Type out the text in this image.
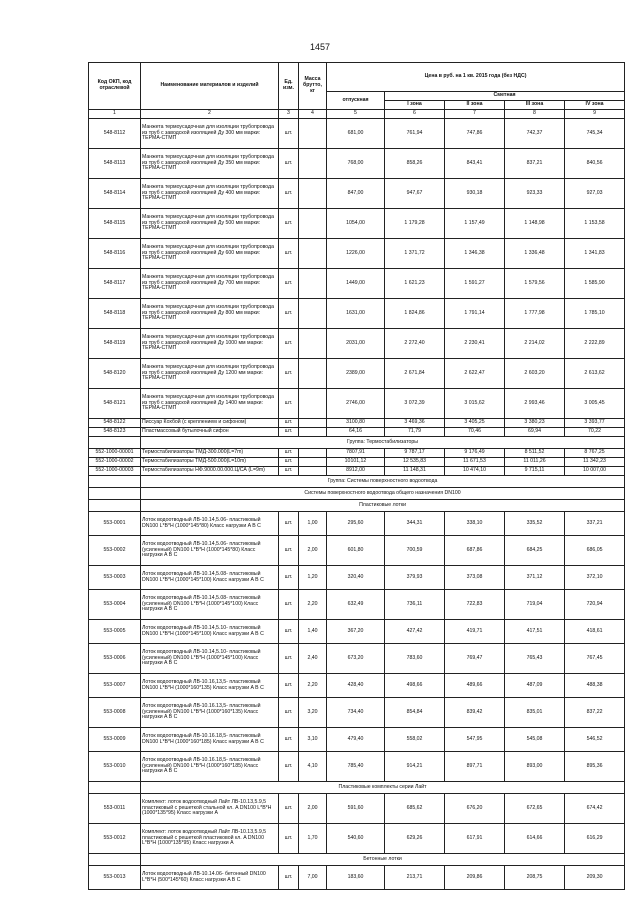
1457
Код ОКП, код отраслевой	Наименование материалов и изделий	Ед. изм.	Масса брутто, кг	Цена в руб. на 1 кв. 2015 года (без НДС)				
				отпускная	Сметная			
					I зона	II зона	III зона	IV зона
1	2	3	4	5	6	7	8	9
548-8112	Манжета термоусадочная для изоляции трубопровода из труб с заводской изоляцией Ду 300 мм марки: ТЕРМА-СТМП	шт.		681,00	761,94	747,86	742,37	745,34
548-8113	Манжета термоусадочная для изоляции трубопровода из труб с заводской изоляцией Ду 350 мм марки: ТЕРМА-СТМП	шт.		768,00	858,26	843,41	837,21	840,56
548-8114	Манжета термоусадочная для изоляции трубопровода из труб с заводской изоляцией Ду 400 мм марки: ТЕРМА-СТМП	шт.		847,00	947,67	930,18	923,33	927,03
548-8115	Манжета термоусадочная для изоляции трубопровода из труб с заводской изоляцией Ду 500 мм марки: ТЕРМА-СТМП	шт.		1054,00	1 179,28	1 157,49	1 148,98	1 153,58
548-8116	Манжета термоусадочная для изоляции трубопровода из труб с заводской изоляцией Ду 600 мм марки: ТЕРМА-СТМП	шт.		1226,00	1 371,72	1 346,38	1 336,48	1 341,83
548-8117	Манжета термоусадочная для изоляции трубопровода из труб с заводской изоляцией Ду 700 мм марки: ТЕРМА-СТМП	шт.		1449,00	1 621,23	1 591,27	1 579,56	1 585,90
548-8118	Манжета термоусадочная для изоляции трубопровода из труб с заводской изоляцией Ду 800 мм марки: ТЕРМА-СТМП	шт.		1631,00	1 824,86	1 791,14	1 777,98	1 785,10
548-8119	Манжета термоусадочная для изоляции трубопровода из труб с заводской изоляцией Ду 1000 мм марки: ТЕРМА-СТМП	шт.		2031,00	2 272,40	2 230,41	2 214,02	2 222,89
548-8120	Манжета термоусадочная для изоляции трубопровода из труб с заводской изоляцией Ду 1200 мм марки: ТЕРМА-СТМП	шт.		2389,00	2 671,84	2 622,47	2 603,20	2 613,62
548-8121	Манжета термоусадочная для изоляции трубопровода из труб с заводской изоляцией Ду 1400 мм марки: ТЕРМА-СТМП	шт.		2746,00	3 072,39	3 015,62	2 993,46	3 005,45
548-8122	Писсуар Кохбой (с креплением и сифоном)	шт.		3100,80	3 469,36	3 405,25	3 380,23	3 393,77
548-8123	Пластмассовый бутылочный сифон	шт.		64,16	71,79	70,46	69,94	70,22
	Группа: Термостабилизаторы							
552-1000-00001	Термостабилизаторы ТМД-300.000(L=7m)	шт.		7807,91	9 787,17	9 176,49	8 511,52	8 767,25
552-1000-00002	Термостабилизаторы ТМД-500.000(L=10m)	шт.		10101,12	12 535,83	11 671,53	11 011,26	11 342,23
552-1000-00003	Термостабилизаторы НФ.9000.00.000.Ц/СА (L=9m)	шт.		8912,00	11 148,31	10 474,10	9 715,11	10 007,00
	Группа: Системы поверхностного водоотвода							
	Системы поверхностного водоотвода общего назначения DN100							
	Пластиковые лотки							
553-0001	Лоток водоотводный ЛВ-10.14,5.06- пластиковый DN100 L*B*H (1000*145*80) Класс нагрузки A B C	шт.	1,00	295,60	344,31	338,10	335,52	337,21
553-0002	Лоток водоотводный ЛВ-10.14,5.06- пластиковый (усиленный) DN100 L*B*H (1000*145*80) Класс нагрузки A B C	шт.	2,00	601,80	700,59	687,86	684,25	686,05
553-0003	Лоток водоотводный ЛВ-10.14,5.08- пластиковый DN100 L*B*H (1000*145*100) Класс нагрузки A B C	шт.	1,20	320,40	379,93	373,08	371,12	372,10
553-0004	Лоток водоотводный ЛВ-10.14,5.08- пластиковый (усиленный) DN100 L*B*H (1000*145*100) Класс нагрузки A B C	шт.	2,20	632,49	736,11	722,83	719,04	720,94
553-0005	Лоток водоотводный ЛВ-10.14,5.10- пластиковый DN100 L*B*H (1000*145*100) Класс нагрузки A B C	шт.	1,40	367,20	427,42	419,71	417,51	418,61
553-0006	Лоток водоотводный ЛВ-10.14,5.10- пластиковый (усиленный) DN100 L*B*H (1000*145*100) Класс нагрузки A B C	шт.	2,40	673,20	783,60	769,47	765,43	767,45
553-0007	Лоток водоотводный ЛВ-10.16,13,5- пластиковый DN100 L*B*H (1000*160*135) Класс нагрузки A B C	шт.	2,20	428,40	498,66	489,66	487,09	488,38
553-0008	Лоток водоотводный ЛВ-10.16.13,5- пластиковый (усиленный) DN100 L*B*H (1000*160*135) Класс нагрузки A B C	шт.	3,20	734,40	854,84	839,42	835,01	837,22
553-0009	Лоток водоотводный ЛВ-10.16.18,5- пластиковый DN100 L*B*H (1000*160*185) Класс нагрузки A B C	шт.	3,10	479,40	558,02	547,95	545,08	546,52
553-0010	Лоток водоотводный ЛВ-10.16.18,5- пластиковый (усиленный) DN100 L*B*H (1000*160*185) Класс нагрузки A B C	шт.	4,10	785,40	914,21	897,71	893,00	895,36
	Пластиковые комплекты серии Лайт							
553-0011	Комплект: лоток водоотводный Лайт ЛВ-10.13,5.9,5 пластиковый с решеткой стальной кл. A DN100 L*B*H (1000*135*95) Класс нагрузки A	шт.	2,00	591,60	685,62	676,20	672,65	674,42
553-0012	Комплект: лоток водоотводный Лайт ЛВ-10.13,5.9,5 пластиковый с решеткой пластиковой кл. A DN100 L*B*H (1000*135*95) Класс нагрузки A	шт.	1,70	540,60	629,26	617,91	614,66	616,29
	Бетонные лотки							
553-0013	Лоток водоотводный ЛВ-10.14.06- бетонный DN100 L*B*H (500*145*60) Класс нагрузки A B C	шт.	7,00	183,60	213,71	209,86	208,75	209,30
